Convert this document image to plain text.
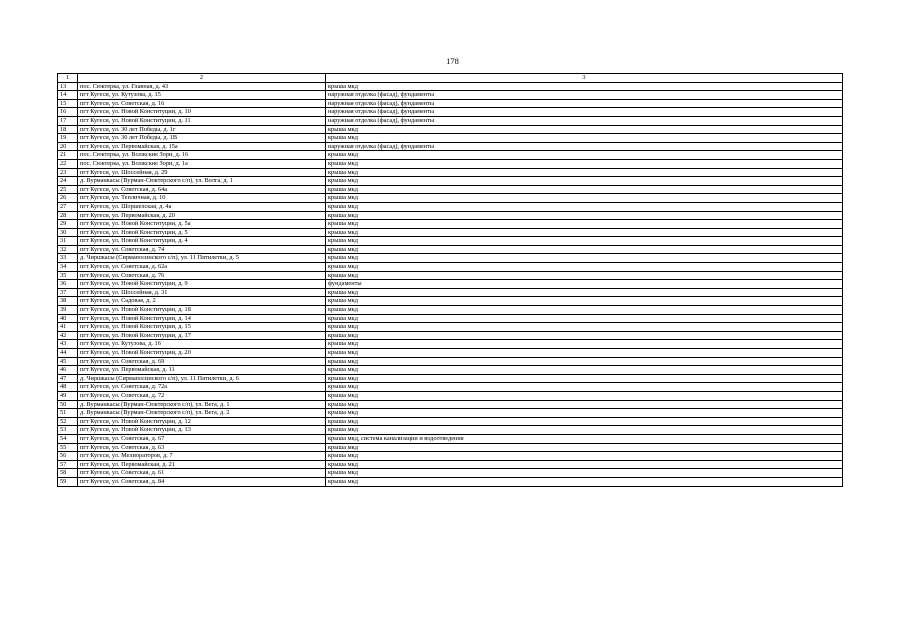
178
1	2	3
13	пос. Сюктерка, ул. Главная, д. 43	крыша мкд
14	пгт Кугеси, ул. Кутузова, д. 15	наружная отделка (фасад), фундаменты
15	пгт Кугеси, ул. Советская, д. 16	наружная отделка (фасад), фундаменты
16	пгт Кугеси, ул. Новой Конституции, д. 10	наружная отделка (фасад), фундаменты
17	пгт Кугеси, ул. Новой Конституции, д. 11	наружная отделка (фасад), фундаменты
18	пгт Кугеси, ул. 30 лет Победы, д. 1г	крыша мкд
19	пгт Кугеси, ул. 30 лет Победы, д. 1В	крыша мкд
20	пгт Кугеси, ул. Первомайская, д. 15а	наружная отделка (фасад), фундаменты
21	пос. Сюктерка, ул. Волжские Зори, д. 16	крыша мкд
22	пос. Сюктерка, ул. Волжские Зори, д. 1а	крыша мкд
23	пгт Кугеси, ул. Шоссейная, д. 29	крыша мкд
24	д. Вурманкасы (Вурман-Сюктерского с/п), ул. Волга, д. 1	крыша мкд
25	пгт Кугеси, ул. Советская, д. 64а	крыша мкд
26	пгт Кугеси, ул. Тепличная, д. 10	крыша мкд
27	пгт Кугеси, ул. Шоршелская, д. 4а	крыша мкд
28	пгт Кугеси, ул. Первомайская, д. 20	крыша мкд
29	пгт Кугеси, ул. Новой Конституции, д. 5а	крыша мкд
30	пгт Кугеси, ул. Новой Конституции, д. 5	крыша мкд
31	пгт Кугеси, ул. Новой Конституции, д. 4	крыша мкд
32	пгт Кугеси, ул. Советская, д. 74	крыша мкд
33	д. Чиршкасы (Сирмапосинского с/п), ул. 11 Пятилетки, д. 5	крыша мкд
34	пгт Кугеси, ул. Советская, д. 62а	крыша мкд
35	пгт Кугеси, ул. Советская, д. 76	крыша мкд
36	пгт Кугеси, ул. Новой Конституции, д. 9	фундаменты
37	пгт Кугеси, ул. Шоссейная, д. 31	крыша мкд
38	пгт Кугеси, ул. Садовая, д. 2	крыша мкд
39	пгт Кугеси, ул. Новой Конституции, д. 18	крыша мкд
40	пгт Кугеси, ул. Новой Конституции, д. 14	крыша мкд
41	пгт Кугеси, ул. Новой Конституции, д. 15	крыша мкд
42	пгт Кугеси, ул. Новой Конституции, д. 17	крыша мкд
43	пгт Кугеси, ул. Кутузова, д. 16	крыша мкд
44	пгт Кугеси, ул. Новой Конституции, д. 20	крыша мкд
45	пгт Кугеси, ул. Советская, д. 69	крыша мкд
46	пгт Кугеси, ул. Первомайская, д. 11	крыша мкд
47	д. Чиршкасы (Сирмапосинского с/п), ул. 11 Пятилетки, д. 6	крыша мкд
48	пгт Кугеси, ул. Советская, д. 72а	крыша мкд
49	пгт Кугеси, ул. Советская, д. 72	крыша мкд
50	д. Вурманкасы (Вурман-Сюктерского с/п), ул. Вега, д. 1	крыша мкд
51	д. Вурманкасы (Вурман-Сюктерского с/п), ул. Вега, д. 2	крыша мкд
52	пгт Кугеси, ул. Новой Конституции, д. 12	крыша мкд
53	пгт Кугеси, ул. Новой Конституции, д. 13	крыша мкд
54	пгт Кугеси, ул. Советская, д. 67	крыша мкд, система канализации и водоотведения
55	пгт Кугеси, ул. Советская, д. 63	крыша мкд
56	пгт Кугеси, ул. Мелиораторов, д. 7	крыша мкд
57	пгт Кугеси, ул. Первомайская, д. 21	крыша мкд
58	пгт Кугеси, ул. Советская, д. 61	крыша мкд
59	пгт Кугеси, ул. Советская, д. 84	крыша мкд
